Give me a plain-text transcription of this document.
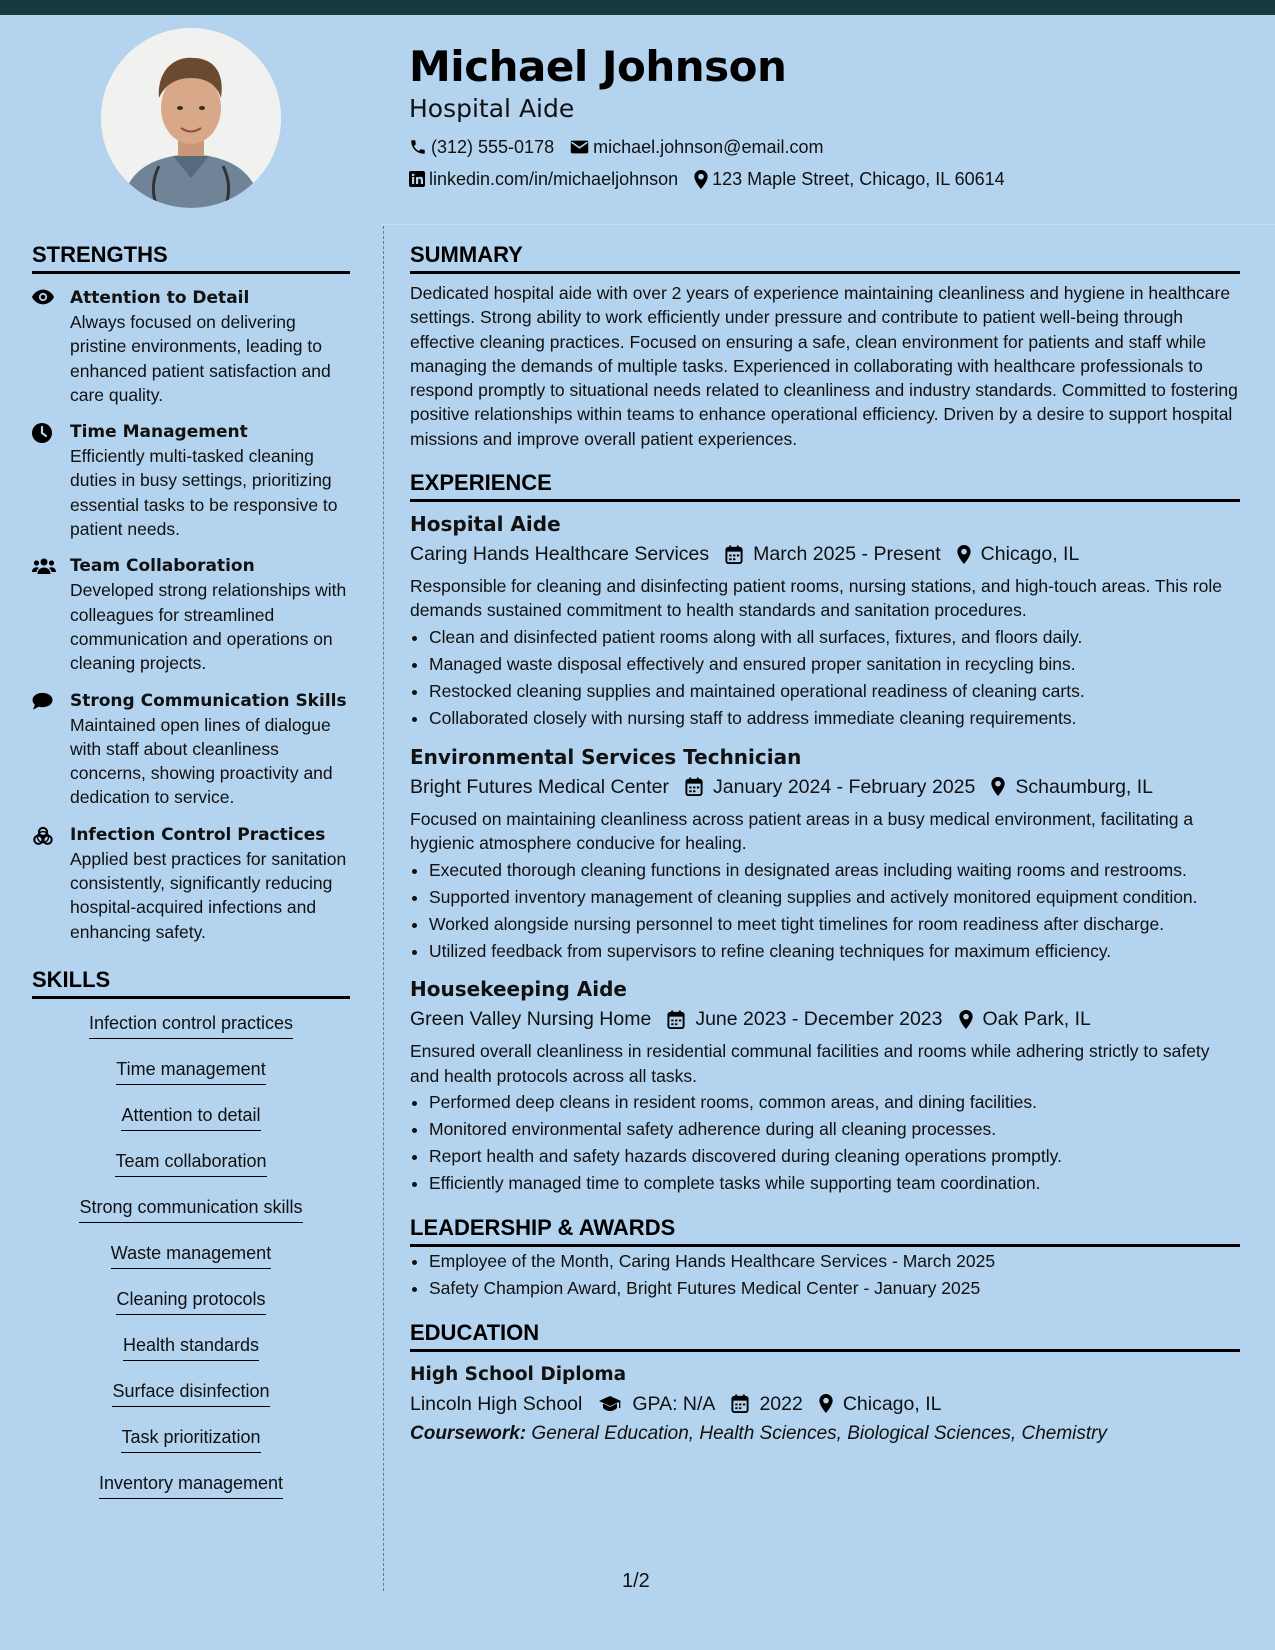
Michael Johnson
Hospital Aide
(312) 555-0178 michael.johnson@email.com
linkedin.com/in/michaeljohnson 123 Maple Street, Chicago, IL 60614
STRENGTHS
Attention to Detail
Always focused on delivering pristine environments, leading to enhanced patient satisfaction and care quality.
Time Management
Efficiently multi-tasked cleaning duties in busy settings, prioritizing essential tasks to be responsive to patient needs.
Team Collaboration
Developed strong relationships with colleagues for streamlined communication and operations on cleaning projects.
Strong Communication Skills
Maintained open lines of dialogue with staff about cleanliness concerns, showing proactivity and dedication to service.
Infection Control Practices
Applied best practices for sanitation consistently, significantly reducing hospital-acquired infections and enhancing safety.
SKILLS
Infection control practices
Time management
Attention to detail
Team collaboration
Strong communication skills
Waste management
Cleaning protocols
Health standards
Surface disinfection
Task prioritization
Inventory management
SUMMARY
Dedicated hospital aide with over 2 years of experience maintaining cleanliness and hygiene in healthcare settings. Strong ability to work efficiently under pressure and contribute to patient well-being through effective cleaning practices. Focused on ensuring a safe, clean environment for patients and staff while managing the demands of multiple tasks. Experienced in collaborating with healthcare professionals to respond promptly to situational needs related to cleanliness and industry standards. Committed to fostering positive relationships within teams to enhance operational efficiency. Driven by a desire to support hospital missions and improve overall patient experiences.
EXPERIENCE
Hospital Aide
Caring Hands Healthcare Services March 2025 - Present Chicago, IL
Responsible for cleaning and disinfecting patient rooms, nursing stations, and high-touch areas. This role demands sustained commitment to health standards and sanitation procedures.
• Clean and disinfected patient rooms along with all surfaces, fixtures, and floors daily.
• Managed waste disposal effectively and ensured proper sanitation in recycling bins.
• Restocked cleaning supplies and maintained operational readiness of cleaning carts.
• Collaborated closely with nursing staff to address immediate cleaning requirements.
Environmental Services Technician
Bright Futures Medical Center January 2024 - February 2025 Schaumburg, IL
Focused on maintaining cleanliness across patient areas in a busy medical environment, facilitating a hygienic atmosphere conducive for healing.
• Executed thorough cleaning functions in designated areas including waiting rooms and restrooms.
• Supported inventory management of cleaning supplies and actively monitored equipment condition.
• Worked alongside nursing personnel to meet tight timelines for room readiness after discharge.
• Utilized feedback from supervisors to refine cleaning techniques for maximum efficiency.
Housekeeping Aide
Green Valley Nursing Home June 2023 - December 2023 Oak Park, IL
Ensured overall cleanliness in residential communal facilities and rooms while adhering strictly to safety and health protocols across all tasks.
• Performed deep cleans in resident rooms, common areas, and dining facilities.
• Monitored environmental safety adherence during all cleaning processes.
• Report health and safety hazards discovered during cleaning operations promptly.
• Efficiently managed time to complete tasks while supporting team coordination.
LEADERSHIP & AWARDS
• Employee of the Month, Caring Hands Healthcare Services - March 2025
• Safety Champion Award, Bright Futures Medical Center - January 2025
EDUCATION
High School Diploma
Lincoln High School	GPA: N/A 2022 Chicago, IL
Coursework: General Education, Health Sciences, Biological Sciences, Chemistry
1/2
